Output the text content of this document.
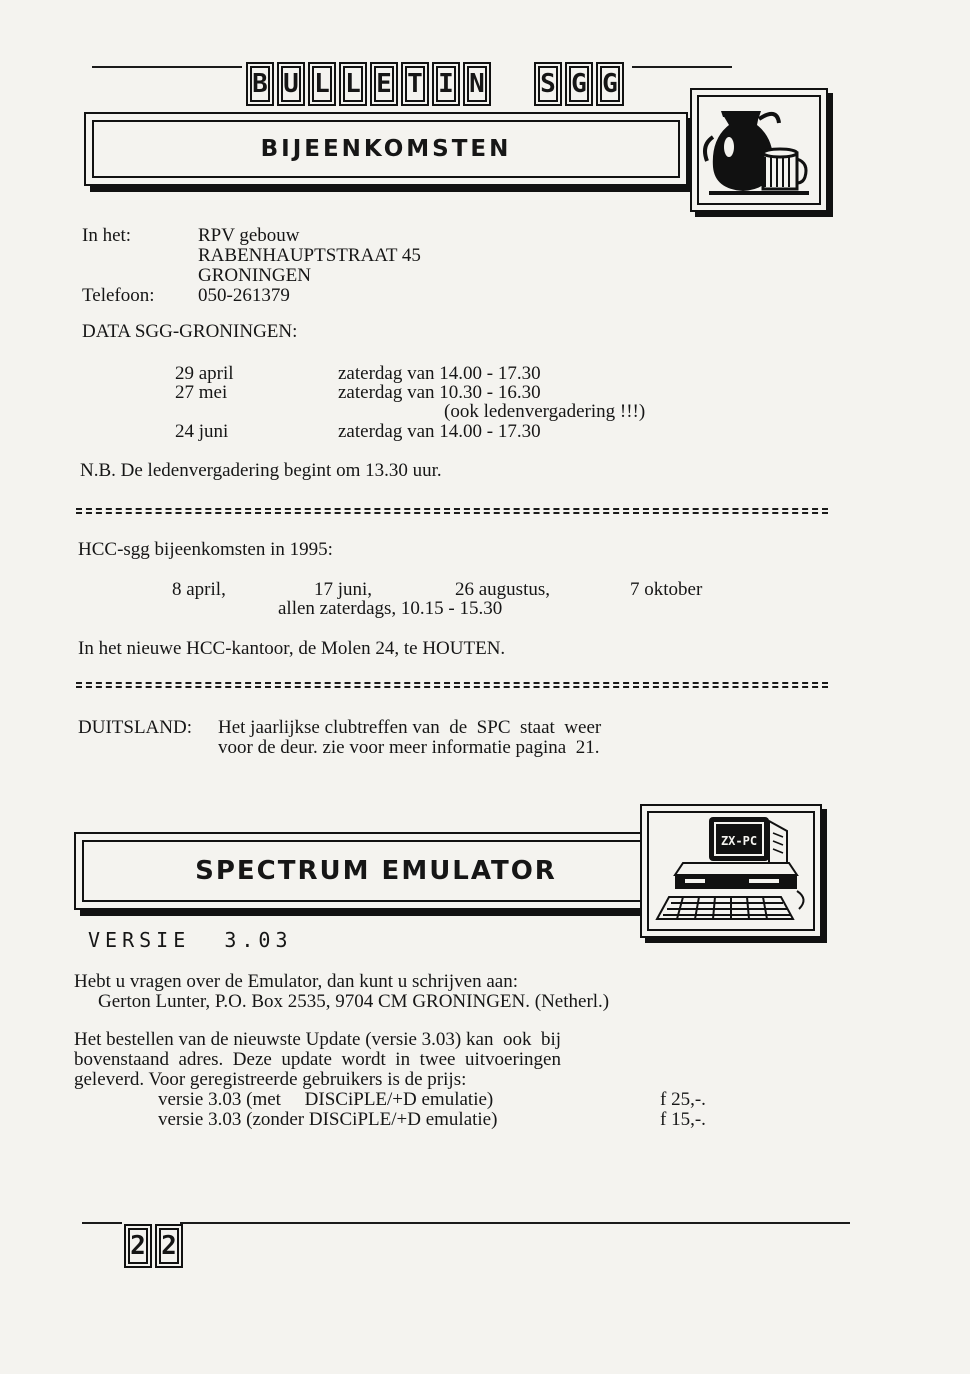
B U L L E T I N S G G
BIJEENKOMSTEN
In het:	RPV gebouw
RABENHAUPTSTRAAT 45
GRONINGEN
Telefoon: 050-261379
DATA SGG-GRONINGEN:
29 april	zaterdag van 14.00 - 17.30
27 mei	zaterdag van 10.30 - 16.30
(ook ledenvergadering !!!)
24 juni	zaterdag van 14.00 - 17.30
N.B. De ledenvergadering begint om 13.30 uur.
HCC-sgg bijeenkomsten in 1995:
8 april,	17 juni,	26 augustus,	7 oktober
allen zaterdags, 10.15 - 15.30
In het nieuwe HCC-kantoor, de Molen 24, te HOUTEN.
DUITSLAND: Het jaarlijkse clubtreffen van  de  SPC  staat  weer
voor de deur. zie voor meer informatie pagina  21.
SPECTRUM EMULATOR
ZX-PC
VERSIE  3.03
Hebt u vragen over de Emulator, dan kunt u schrijven aan:
Gerton Lunter, P.O. Box 2535, 9704 CM GRONINGEN. (Netherl.)
Het bestellen van de nieuwste Update (versie 3.03) kan  ook  bij
bovenstaand  adres.  Deze  update  wordt  in  twee  uitvoeringen
geleverd. Voor geregistreerde gebruikers is de prijs:
versie 3.03 (met     DISCiPLE/+D emulatie)	f 25,-.
versie 3.03 (zonder DISCiPLE/+D emulatie)	f 15,-.
2 2
